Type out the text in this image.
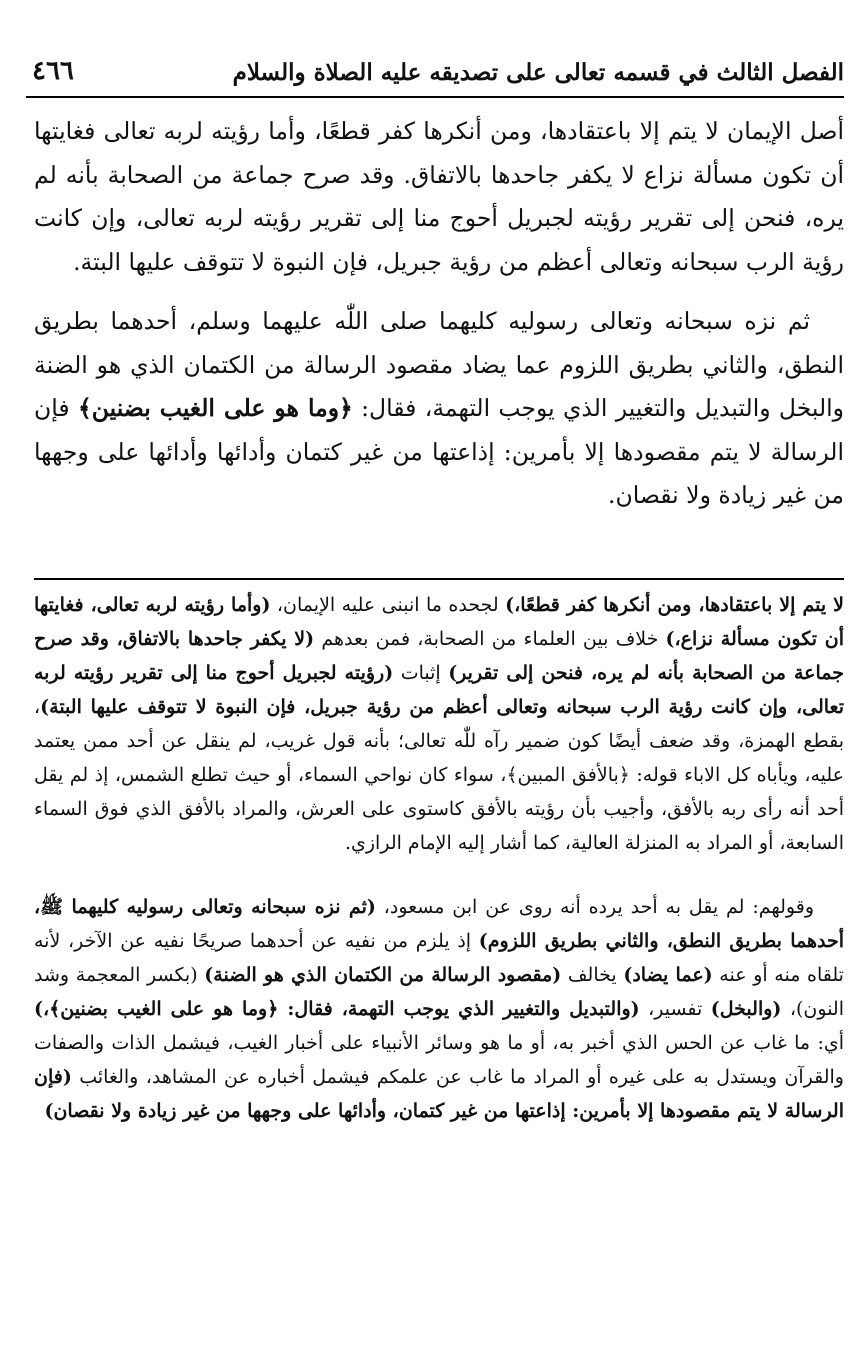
٤٦٦	الفصل الثالث في قسمه تعالى على تصديقه عليه الصلاة والسلام

أصل الإيمان لا يتم إلا باعتقادها، ومن أنكرها كفر قطعًا، وأما رؤيته لربه تعالى فغايتها أن تكون مسألة نزاع لا يكفر جاحدها بالاتفاق. وقد صرح جماعة من الصحابة بأنه لم يره، فنحن إلى تقرير رؤيته لجبريل أحوج منا إلى تقرير رؤيته لربه تعالى، وإن كانت رؤية الرب سبحانه وتعالى أعظم من رؤية جبريل، فإن النبوة لا تتوقف عليها البتة.

ثم نزه سبحانه وتعالى رسوليه كليهما صلى اللّٰه عليهما وسلم، أحدهما بطريق النطق، والثاني بطريق اللزوم عما يضاد مقصود الرسالة من الكتمان الذي هو الضنة والبخل والتبديل والتغيير الذي يوجب التهمة، فقال: ﴿وما هو على الغيب بضنين﴾ فإن الرسالة لا يتم مقصودها إلا بأمرين: إذاعتها من غير كتمان وأدائها وأدائها على وجهها من غير زيادة ولا نقصان.

لا يتم إلا باعتقادها، ومن أنكرها كفر قطعًا،) لجحده ما انبنى عليه الإيمان، (وأما رؤيته لربه تعالى، فغايتها أن تكون مسألة نزاع،) خلاف بين العلماء من الصحابة، فمن بعدهم (لا يكفر جاحدها بالاتفاق، وقد صرح جماعة من الصحابة بأنه لم يره، فنحن إلى تقرير) إثبات (رؤيته لجبريل أحوج منا إلى تقرير رؤيته لربه تعالى، وإن كانت رؤية الرب سبحانه وتعالى أعظم من رؤية جبريل، فإن النبوة لا تتوقف عليها البتة)، بقطع الهمزة، وقد ضعف أيضًا كون ضمير رآه للّٰه تعالى؛ بأنه قول غريب، لم ينقل عن أحد ممن يعتمد عليه، ويأباه كل الاباء قوله: ﴿بالأفق المبين﴾، سواء كان نواحي السماء، أو حيث تطلع الشمس، إذ لم يقل أحد أنه رأى ربه بالأفق، وأجيب بأن رؤيته بالأفق كاستوى على العرش، والمراد بالأفق الذي فوق السماء السابعة، أو المراد به المنزلة العالية، كما أشار إليه الإمام الرازي.

وقولهم: لم يقل به أحد يرده أنه روى عن ابن مسعود، (ثم نزه سبحانه وتعالى رسوليه كليهما ﷺ، أحدهما بطريق النطق، والثاني بطريق اللزوم) إذ يلزم من نفيه عن أحدهما صريحًا نفيه عن الآخر، لأنه تلقاه منه أو عنه (عما يضاد) يخالف (مقصود الرسالة من الكتمان الذي هو الضنة) (بكسر المعجمة وشد النون)، (والبخل) تفسير، (والتبديل والتغيير الذي يوجب التهمة، فقال: ﴿وما هو على الغيب بضنين﴾،) أي: ما غاب عن الحس الذي أخبر به، أو ما هو وسائر الأنبياء على أخبار الغيب، فيشمل الذات والصفات والقرآن ويستدل به على غيره أو المراد ما غاب عن علمكم فيشمل أخباره عن المشاهد، والغائب (فإن الرسالة لا يتم مقصودها إلا بأمرين: إذاعتها من غير كتمان، وأدائها على وجهها من غير زيادة ولا نقصان)
